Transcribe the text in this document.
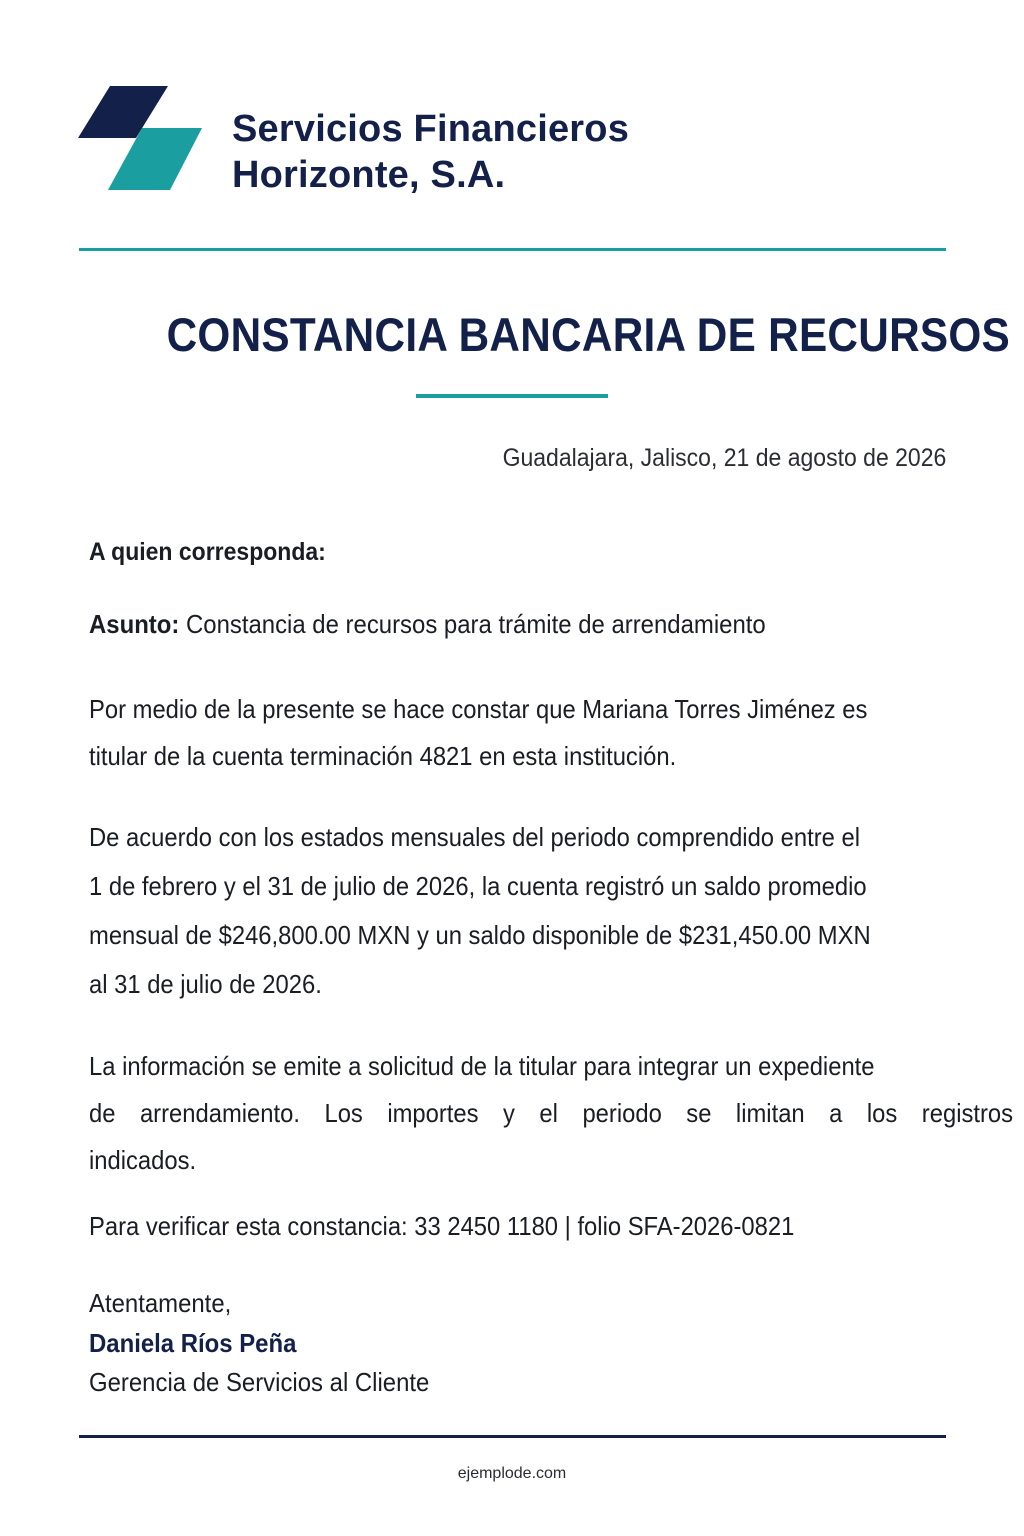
Servicios Financieros
Horizonte, S.A.
CONSTANCIA BANCARIA DE RECURSOS
Guadalajara, Jalisco, 21 de agosto de 2026
A quien corresponda:
Asunto: Constancia de recursos para trámite de arrendamiento
Por medio de la presente se hace constar que Mariana Torres Jiménez es
titular de la cuenta terminación 4821 en esta institución.
De acuerdo con los estados mensuales del periodo comprendido entre el
1 de febrero y el 31 de julio de 2026, la cuenta registró un saldo promedio
mensual de $246,800.00 MXN y un saldo disponible de $231,450.00 MXN
al 31 de julio de 2026.
La información se emite a solicitud de la titular para integrar un expediente
de arrendamiento. Los importes y el periodo se limitan a los registros
indicados.
Para verificar esta constancia: 33 2450 1180 | folio SFA-2026-0821
Atentamente,
Daniela Ríos Peña
Gerencia de Servicios al Cliente
ejemplode.com
